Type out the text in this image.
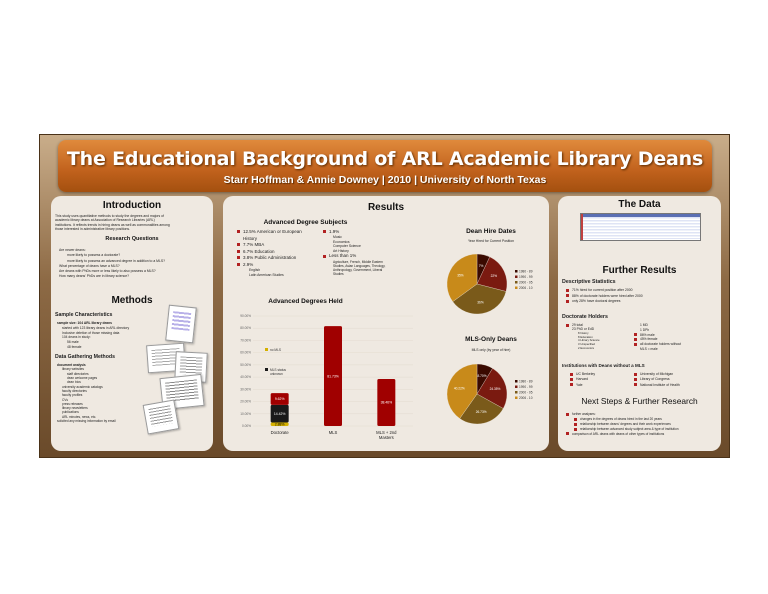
The Educational Background of ARL Academic Library Deans
Starr Hoffman & Annie Downey | 2010 | University of North Texas
Introduction
This study uses quantitative methods to study the degrees and majors of
academic library deans at Association of Research Libraries (ARL)
institutions. It reflects trends in hiring deans as well as commonalities among
those interested in administrative library positions.
Research Questions
Are newer deans:
more likely to possess a doctorate?
more likely to possess an advanced degree in addition to a MLS?
What percentage of deans have a MLS?
Are deans with PhDs more or less likely to also possess a MLS?
How many deans' PhDs are in library science?
Methods
Sample Characteristics
sample size: 104 ARL library deans
started with 123 library deans in ARL directory
Inclusive deletion of those missing data
104 deans in study:
56 male
48 female
Data Gathering Methods
document analysis
library websites
staff directories
dean welcome pages
dean bios
university academic catalogs
faculty directories
faculty profiles
CVs
press releases
library newsletters
publications
ARL minutes, news, etc.
solicited any missing information by email
Results
Advanced Degree Subjects
12.5% American or European
History
7.7% MBA
6.7% Education
3.8% Public Administration
2.9%
English
Latin American Studies
1.9%
Music
Economics
Computer Science
Art History
Less than 1%
Agriculture, French, Middle Eastern
Studies, Asian Languages, Theology,
Anthropology, Government, Liberal
Studies
Advanced Degrees Held
0.00%
10.00%
20.00%
30.00%
40.00%
50.00%
60.00%
70.00%
80.00%
90.00%
2.88%
14.42%
9.62%
Doctorate
81.73%
MLS
38.46%
MLS + 2nd
Masters
no MLS
MLS status
unknown
Dean Hire Dates
Year Hired for Current Position
7%
22%
36%
35%
1980 - 89
1990 - 99
2000 - 05
2006 - 10
MLS-Only Deans
MLS only (by year of hire)
8.70%
24.35%
26.73%
40.22%
1980 - 89
1990 - 99
2000 - 05
2006 - 10
The Data
Further Results
Descriptive Statistics
71% hired for current position after 2000
88% of doctorate holders were hired after 2000
only 28% have doctoral degrees
Doctorate Holders
29 total
23 PhD or EdD
8 history
8 Education
4 Library Science
3 Unspecified
2 Economics
1 MD
1 DPh
86% male
45% female
all doctorate holders without
MLS = male
Institutions with Deans without a MLS
UC Berkeley
Harvard
Yale
University of Michigan
Library of Congress
National Institute of Health
Next Steps & Further Research
further analyses:
changes in the degrees of deans hired in the last 20 years
relationship between deans' degrees and their work experiences
relationship between advanced study subject area & type of institution
comparison of ARL deans with deans of other types of institutions
